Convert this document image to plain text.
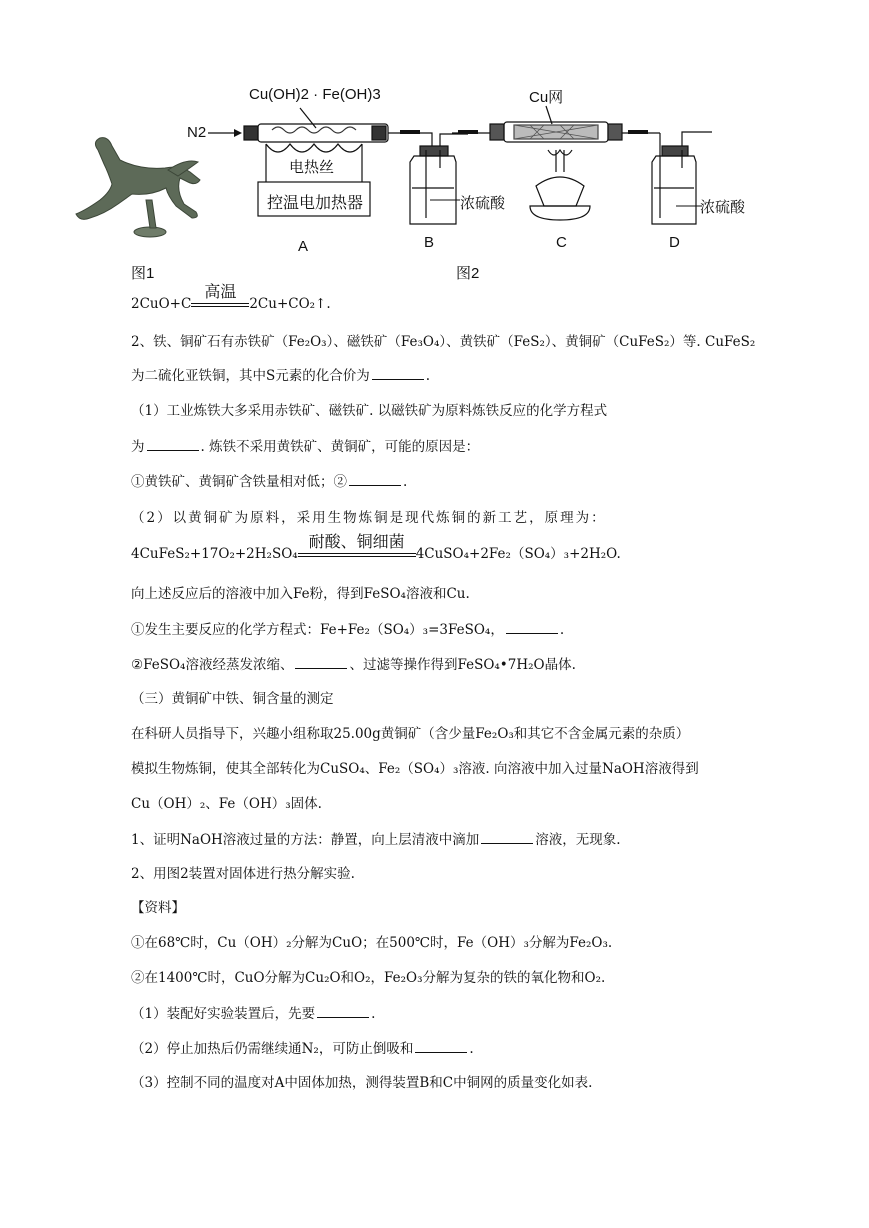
Cu(OH)2 · Fe(OH)3
N2
电热丝
控温电加热器
Cu网
浓硫酸	浓硫酸
A	B	C	D
图1	图2
2CuO+C
高温
2Cu+CO₂↑.
2、铁、铜矿石有赤铁矿（Fe₂O₃）、磁铁矿（Fe₃O₄）、黄铁矿（FeS₂）、黄铜矿（CuFeS₂）等. CuFeS₂
为二硫化亚铁铜，其中S元素的化合价为	.
（1）工业炼铁大多采用赤铁矿、磁铁矿. 以磁铁矿为原料炼铁反应的化学方程式
为	. 炼铁不采用黄铁矿、黄铜矿，可能的原因是：
①黄铁矿、黄铜矿含铁量相对低；②	.
（2）以黄铜矿为原料，采用生物炼铜是现代炼铜的新工艺，原理为：
4CuFeS₂+17O₂+2H₂SO₄
耐酸、铜细菌
4CuSO₄+2Fe₂（SO₄）₃+2H₂O.
向上述反应后的溶液中加入Fe粉，得到FeSO₄溶液和Cu.
①发生主要反应的化学方程式：Fe+Fe₂（SO₄）₃=3FeSO₄，	.
②FeSO₄溶液经蒸发浓缩、	、过滤等操作得到FeSO₄•7H₂O晶体.
（三）黄铜矿中铁、铜含量的测定
在科研人员指导下，兴趣小组称取25.00g黄铜矿（含少量Fe₂O₃和其它不含金属元素的杂质）
模拟生物炼铜，使其全部转化为CuSO₄、Fe₂（SO₄）₃溶液. 向溶液中加入过量NaOH溶液得到
Cu（OH）₂、Fe（OH）₃固体.
1、证明NaOH溶液过量的方法：静置，向上层清液中滴加	溶液，无现象.
2、用图2装置对固体进行热分解实验.
【资料】
①在68℃时，Cu（OH）₂分解为CuO；在500℃时，Fe（OH）₃分解为Fe₂O₃.
②在1400℃时，CuO分解为Cu₂O和O₂，Fe₂O₃分解为复杂的铁的氧化物和O₂.
（1）装配好实验装置后，先要	.
（2）停止加热后仍需继续通N₂，可防止倒吸和	.
（3）控制不同的温度对A中固体加热，测得装置B和C中铜网的质量变化如表.
